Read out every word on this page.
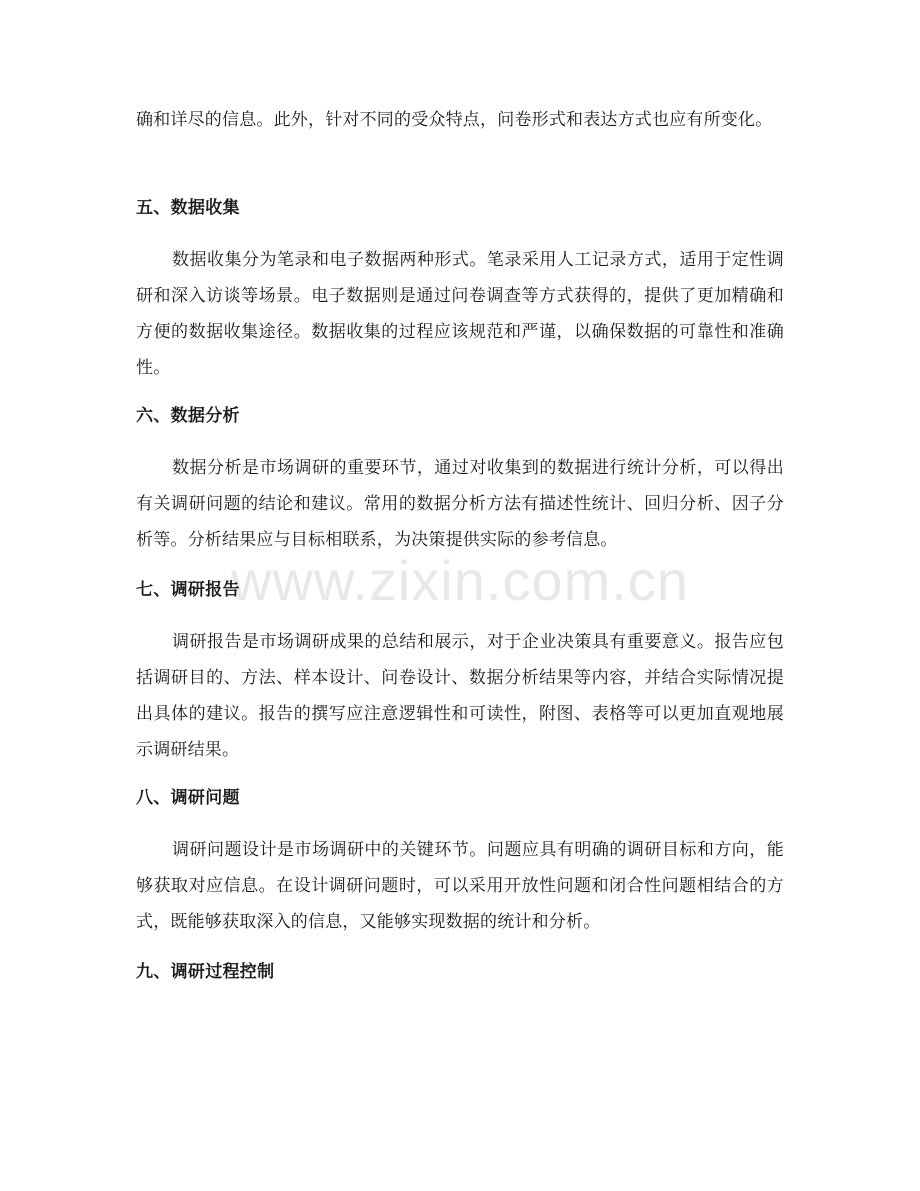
www.zixin.com.cn

确和详尽的信息。此外，针对不同的受众特点，问卷形式和表达方式也应有所变化。

五、数据收集

数据收集分为笔录和电子数据两种形式。笔录采用人工记录方式，适用于定性调研和深入访谈等场景。电子数据则是通过问卷调查等方式获得的，提供了更加精确和方便的数据收集途径。数据收集的过程应该规范和严谨，以确保数据的可靠性和准确性。

六、数据分析

数据分析是市场调研的重要环节，通过对收集到的数据进行统计分析，可以得出有关调研问题的结论和建议。常用的数据分析方法有描述性统计、回归分析、因子分析等。分析结果应与目标相联系，为决策提供实际的参考信息。

七、调研报告

调研报告是市场调研成果的总结和展示，对于企业决策具有重要意义。报告应包括调研目的、方法、样本设计、问卷设计、数据分析结果等内容，并结合实际情况提出具体的建议。报告的撰写应注意逻辑性和可读性，附图、表格等可以更加直观地展示调研结果。

八、调研问题

调研问题设计是市场调研中的关键环节。问题应具有明确的调研目标和方向，能够获取对应信息。在设计调研问题时，可以采用开放性问题和闭合性问题相结合的方式，既能够获取深入的信息，又能够实现数据的统计和分析。

九、调研过程控制
